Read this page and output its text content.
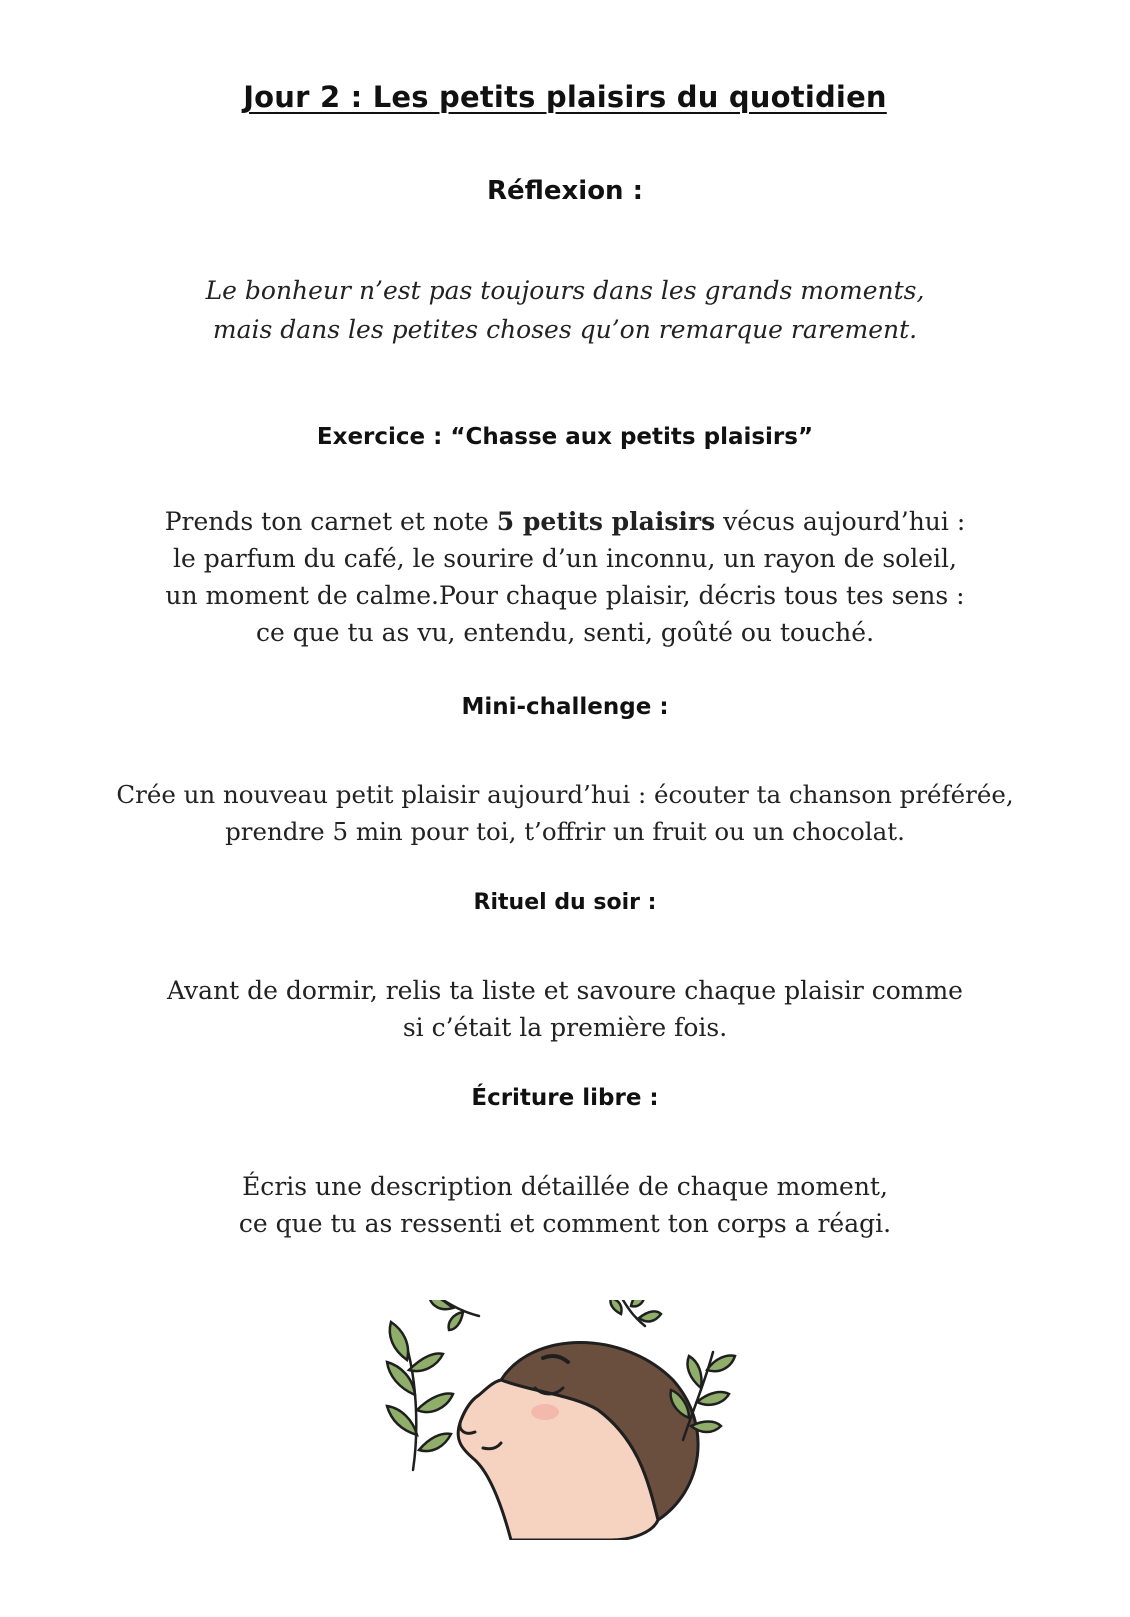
Jour 2 : Les petits plaisirs du quotidien
Réflexion :
Le bonheur n’est pas toujours dans les grands moments,
mais dans les petites choses qu’on remarque rarement.
Exercice : “Chasse aux petits plaisirs”
Prends ton carnet et note 5 petits plaisirs vécus aujourd’hui :
le parfum du café, le sourire d’un inconnu, un rayon de soleil,
un moment de calme.Pour chaque plaisir, décris tous tes sens :
ce que tu as vu, entendu, senti, goûté ou touché.
Mini-challenge :
Crée un nouveau petit plaisir aujourd’hui : écouter ta chanson préférée,
prendre 5 min pour toi, t’offrir un fruit ou un chocolat.
Rituel du soir :
Avant de dormir, relis ta liste et savoure chaque plaisir comme
si c’était la première fois.
Écriture libre :
Écris une description détaillée de chaque moment,
ce que tu as ressenti et comment ton corps a réagi.
